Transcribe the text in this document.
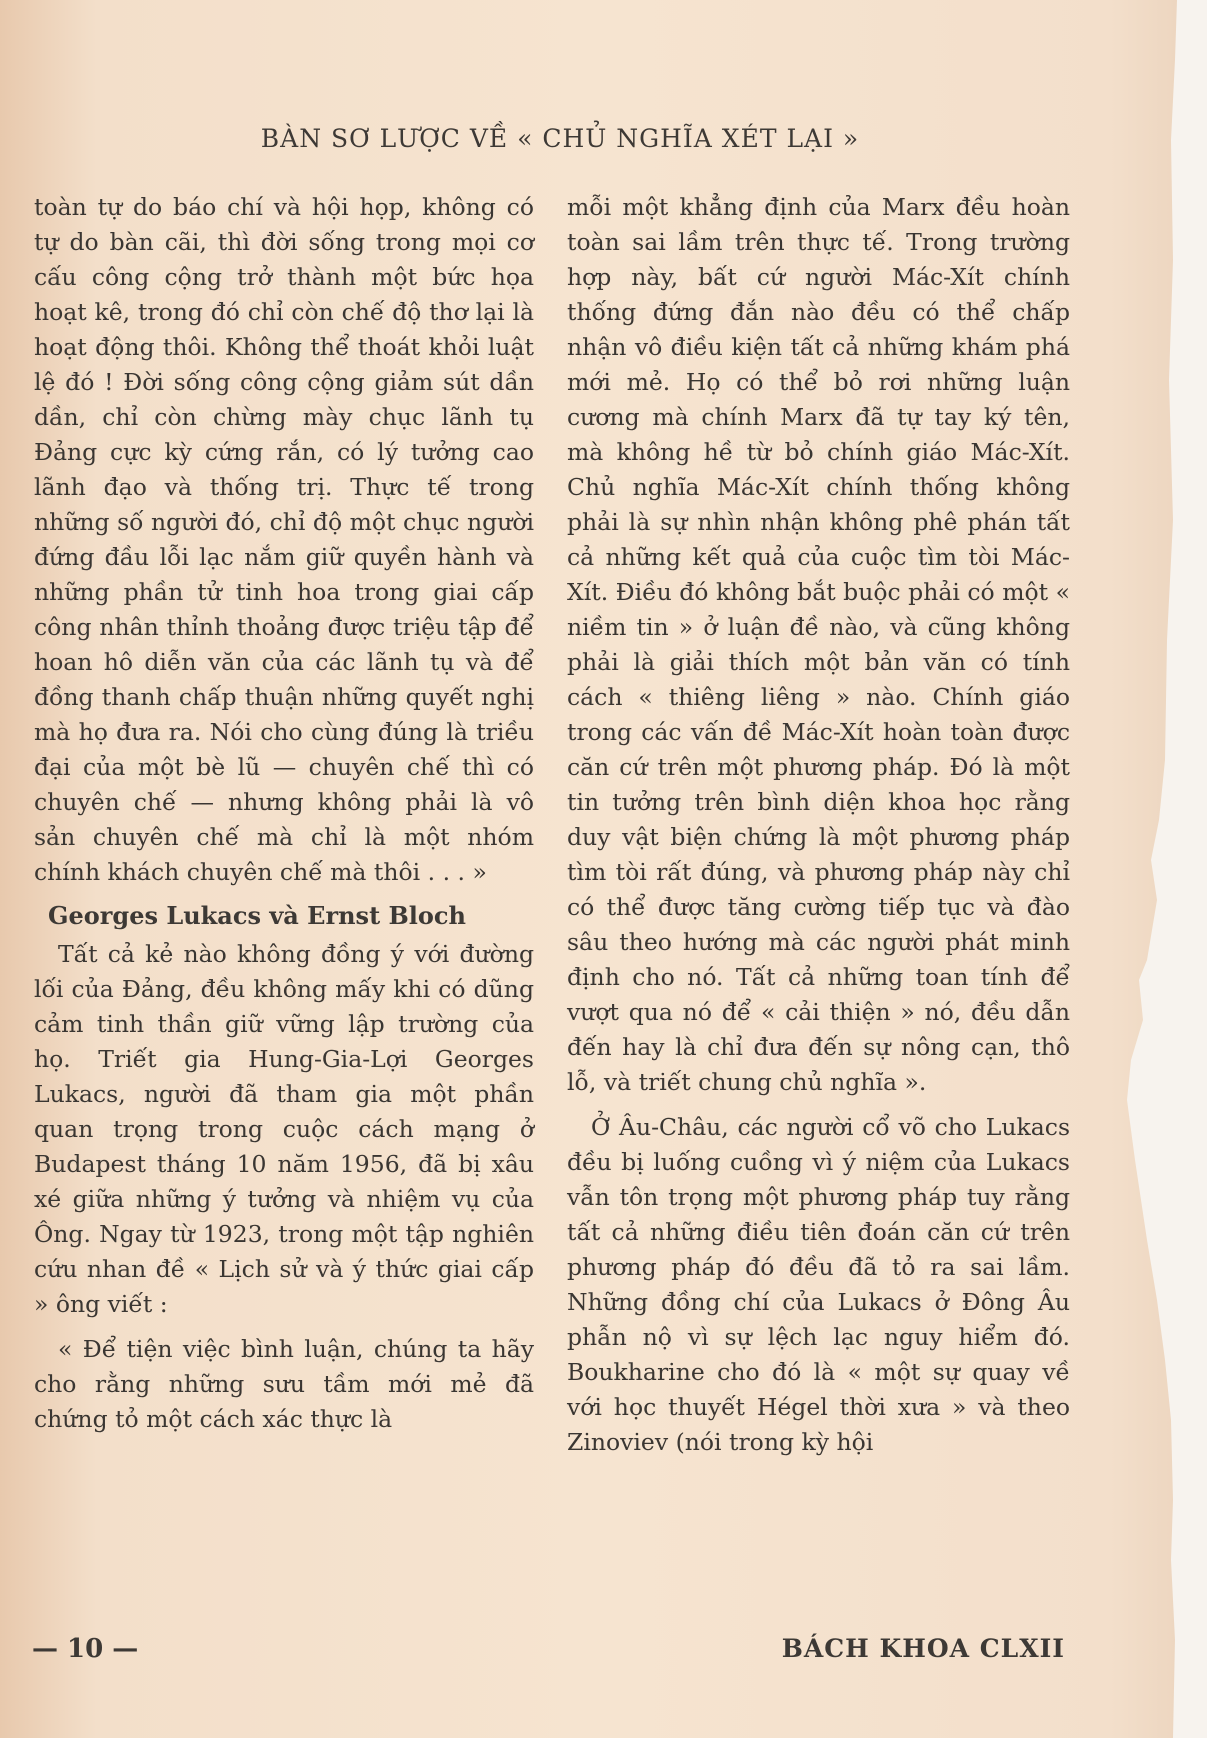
BÀN SƠ LƯỢC VỀ « CHỦ NGHĨA XÉT LẠI »

toàn tự do báo chí và hội họp, không có tự do bàn cãi, thì đời sống trong mọi cơ cấu công cộng trở thành một bức họa hoạt kê, trong đó chỉ còn chế độ thơ lại là hoạt động thôi. Không thể thoát khỏi luật lệ đó ! Đời sống công cộng giảm sút dần dần, chỉ còn chừng mày chục lãnh tụ Đảng cực kỳ cứng rắn, có lý tưởng cao lãnh đạo và thống trị. Thực tế trong những số người đó, chỉ độ một chục người đứng đầu lỗi lạc nắm giữ quyền hành và những phần tử tinh hoa trong giai cấp công nhân thỉnh thoảng được triệu tập để hoan hô diễn văn của các lãnh tụ và để đồng thanh chấp thuận những quyết nghị mà họ đưa ra. Nói cho cùng đúng là triều đại của một bè lũ — chuyên chế thì có chuyên chế — nhưng không phải là vô sản chuyên chế mà chỉ là một nhóm chính khách chuyên chế mà thôi . . . »

Georges Lukacs và Ernst Bloch

Tất cả kẻ nào không đồng ý với đường lối của Đảng, đều không mấy khi có dũng cảm tinh thần giữ vững lập trường của họ. Triết gia Hung-Gia-Lợi Georges Lukacs, người đã tham gia một phần quan trọng trong cuộc cách mạng ở Budapest tháng 10 năm 1956, đã bị xâu xé giữa những ý tưởng và nhiệm vụ của Ông. Ngay từ 1923, trong một tập nghiên cứu nhan đề « Lịch sử và ý thức giai cấp » ông viết :

« Để tiện việc bình luận, chúng ta hãy cho rằng những sưu tầm mới mẻ đã chứng tỏ một cách xác thực là

mỗi một khẳng định của Marx đều hoàn toàn sai lầm trên thực tế. Trong trường hợp này, bất cứ người Mác-Xít chính thống đứng đắn nào đều có thể chấp nhận vô điều kiện tất cả những khám phá mới mẻ. Họ có thể bỏ rơi những luận cương mà chính Marx đã tự tay ký tên, mà không hề từ bỏ chính giáo Mác-Xít. Chủ nghĩa Mác-Xít chính thống không phải là sự nhìn nhận không phê phán tất cả những kết quả của cuộc tìm tòi Mác-Xít. Điều đó không bắt buộc phải có một « niềm tin » ở luận đề nào, và cũng không phải là giải thích một bản văn có tính cách « thiêng liêng » nào. Chính giáo trong các vấn đề Mác-Xít hoàn toàn được căn cứ trên một phương pháp. Đó là một tin tưởng trên bình diện khoa học rằng duy vật biện chứng là một phương pháp tìm tòi rất đúng, và phương pháp này chỉ có thể được tăng cường tiếp tục và đào sâu theo hướng mà các người phát minh định cho nó. Tất cả những toan tính để vượt qua nó để « cải thiện » nó, đều dẫn đến hay là chỉ đưa đến sự nông cạn, thô lỗ, và triết chung chủ nghĩa ».

Ở Âu-Châu, các người cổ võ cho Lukacs đều bị luống cuồng vì ý niệm của Lukacs vẫn tôn trọng một phương pháp tuy rằng tất cả những điều tiên đoán căn cứ trên phương pháp đó đều đã tỏ ra sai lầm. Những đồng chí của Lukacs ở Đông Âu phẫn nộ vì sự lệch lạc nguy hiểm đó. Boukharine cho đó là « một sự quay về với học thuyết Hégel thời xưa » và theo Zinoviev (nói trong kỳ hội

— 10 —	BÁCH KHOA CLXII
